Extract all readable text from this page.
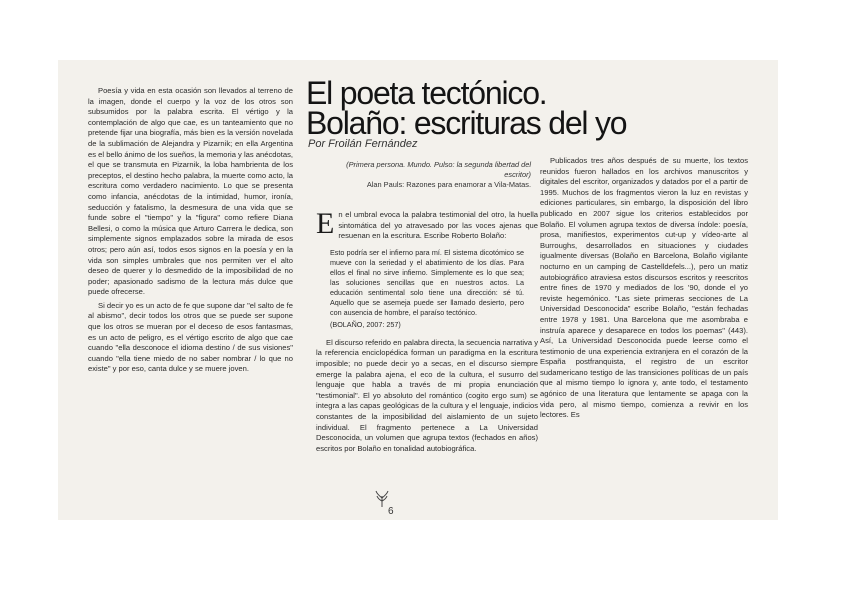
Poesía y vida en esta ocasión son llevados al terreno de la imagen, donde el cuerpo y la voz de los otros son subsumidos por la palabra escrita. El vértigo y la contemplación de algo que cae, es un tanteamiento que no pretende fijar una biografía, más bien es la versión novelada de la sublimación de Alejandra y Pizarnik; en ella Argentina es el bello ánimo de los sueños, la memoria y las anécdotas, el que se transmuta en Pizarnik, la loba hambrienta de los preceptos, el destino hecho palabra, la muerte como acto, la escritura como verdadero nacimiento. Lo que se presenta como infancia, anécdotas de la intimidad, humor, ironía, seducción y fatalismo, la desmesura de una vida que se funde sobre el "tiempo" y la "figura" como refiere Diana Bellesi, o como la música que Arturo Carrera le dedica, son simplemente signos emplazados sobre la mirada de esos otros; pero aún así, todos esos signos en la poesía y en la vida son simples umbrales que nos permiten ver el alto deseo de querer y lo desmedido de la imposibilidad de no poder; apasionado sadismo de la lectura más dulce que puede ofrecerse.

Si decir yo es un acto de fe que supone dar "el salto de fe al abismo", decir todos los otros que se puede ser supone que los otros se mueran por el deceso de esos fantasmas, es un acto de peligro, es el vértigo escrito de algo que cae cuando "ella desconoce el idioma destino / de sus visiones" cuando "ella tiene miedo de no saber nombrar / lo que no existe" y por eso, canta dulce y se muere joven.

El poeta tectónico. Bolaño: escrituras del yo
Por Froilán Fernández
(Primera persona. Mundo. Pulso: la segunda libertad del escritor)
Alan Pauls: Razones para enamorar a Vila-Matas.
E n el umbral evoca la palabra testimonial del otro, la huella sintomática del yo atravesado por las voces ajenas que resuenan en la escritura. Escribe Roberto Bolaño:
Esto podría ser el infierno para mí. El sistema dicotómico se mueve con la seriedad y el abatimiento de los días. Para ellos el final no sirve infierno. Simplemente es lo que sea; las soluciones sencillas que en nuestros actos. La educación sentimental solo tiene una dirección: sé tú. Aquello que se asemeja puede ser llamado desierto, pero con ausencia de hombre, el paraíso tectónico.
(BOLAÑO, 2007: 257)

El discurso referido en palabra directa, la secuencia narrativa y la referencia enciclopédica forman un paradigma en la escritura imposible; no puede decir yo a secas, en el discurso siempre emerge la palabra ajena, el eco de la cultura, el susurro del lenguaje que habla a través de mi propia enunciación "testimonial". El yo absoluto del romántico (cogito ergo sum) se integra a las capas geológicas de la cultura y el lenguaje, indicios constantes de la imposibilidad del aislamiento de un sujeto individual. El fragmento pertenece a La Universidad Desconocida, un volumen que agrupa textos (fechados en años) escritos por Bolaño en tonalidad autobiográfica.

Publicados tres años después de su muerte, los textos reunidos fueron hallados en los archivos manuscritos y digitales del escritor, organizados y datados por el a partir de 1995. Muchos de los fragmentos vieron la luz en revistas y ediciones particulares, sin embargo, la disposición del libro publicado en 2007 sigue los criterios establecidos por Bolaño. El volumen agrupa textos de diversa índole: poesía, prosa, manifiestos, experimentos cut-up y vídeo-arte al Burroughs, desarrollados en situaciones y ciudades igualmente diversas (Bolaño en Barcelona, Bolaño vigilante nocturno en un camping de Castelldefels...), pero un matiz autobiográfico atraviesa estos discursos escritos y reescritos entre fines de 1970 y mediados de los '90, donde el yo reviste hegemónico. "Las siete primeras secciones de La Universidad Desconocida" escribe Bolaño, "están fechadas entre 1978 y 1981. Una Barcelona que me asombraba e instruía aparece y desaparece en todos los poemas" (443). Así, La Universidad Desconocida puede leerse como el testimonio de una experiencia extranjera en el corazón de la España postfranquista, el registro de un escritor sudamericano testigo de las transiciones políticas de un país que al mismo tiempo lo ignora y, ante todo, el testamento agónico de una literatura que lentamente se apaga con la vida pero, al mismo tiempo, comienza a revivir en los lectores. Es

6
